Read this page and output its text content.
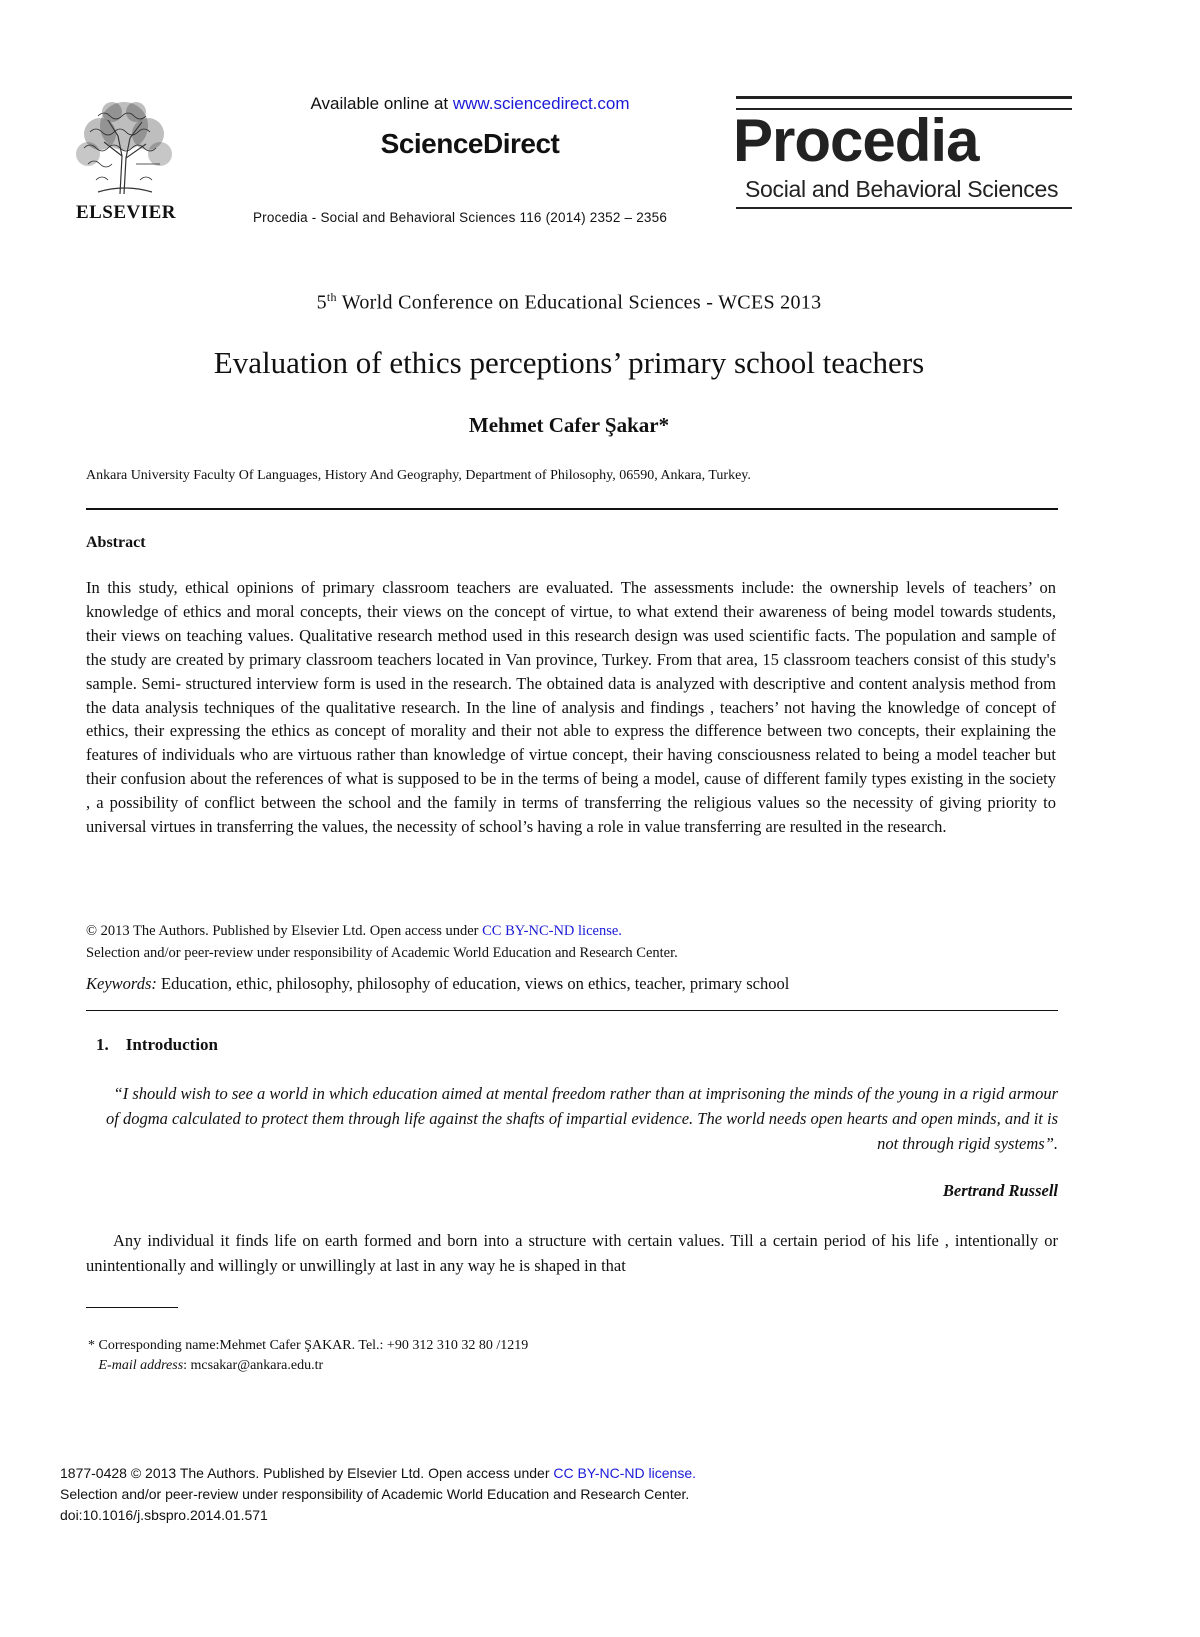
ELSEVIER
Available online at www.sciencedirect.com
ScienceDirect
Procedia - Social and Behavioral Sciences 116 (2014) 2352 – 2356
Procedia
Social and Behavioral Sciences
5th World Conference on Educational Sciences - WCES 2013
Evaluation of ethics perceptions’ primary school teachers
Mehmet Cafer Şakar*
Ankara University Faculty Of Languages, History And Geography, Department of Philosophy, 06590, Ankara, Turkey.
Abstract
In this study, ethical opinions of primary classroom teachers are evaluated. The assessments include: the ownership levels of teachers’ on knowledge of ethics and moral concepts, their views on the concept of virtue, to what extend their awareness of being model towards students, their views on teaching values. Qualitative research method used in this research design was used scientific facts. The population and sample of the study are created by primary classroom teachers located in Van province, Turkey. From that area, 15 classroom teachers consist of this study's sample. Semi- structured interview form is used in the research. The obtained data is analyzed with descriptive and content analysis method from the data analysis techniques of the qualitative research. In the line of analysis and findings , teachers’ not having the knowledge of concept of ethics, their expressing the ethics as concept of morality and their not able to express the difference between two concepts, their explaining the features of individuals who are virtuous rather than knowledge of virtue concept, their having consciousness related to being a model teacher but their confusion about the references of what is supposed to be in the terms of being a model, cause of different family types existing in the society , a possibility of conflict between the school and the family in terms of transferring the religious values so the necessity of giving priority to universal virtues in transferring the values, the necessity of school’s having a role in value transferring are resulted in the research.
© 2013 The Authors. Published by Elsevier Ltd. Open access under CC BY-NC-ND license.
Selection and/or peer-review under responsibility of Academic World Education and Research Center.
Keywords: Education, ethic, philosophy, philosophy of education, views on ethics, teacher, primary school
1.    Introduction
“I should wish to see a world in which education aimed at mental freedom rather than at imprisoning the minds of the young in a rigid armour of dogma calculated to protect them through life against the shafts of impartial evidence. The world needs open hearts and open minds, and it is not through rigid systems”.
Bertrand Russell
Any individual it finds life on earth formed and born into a structure with certain values. Till a certain period of his life , intentionally or unintentionally and willingly or unwillingly at last in any way he is shaped in that
* Corresponding name:Mehmet Cafer ŞAKAR. Tel.: +90 312 310 32 80 /1219
E-mail address: mcsakar@ankara.edu.tr
1877-0428 © 2013 The Authors. Published by Elsevier Ltd. Open access under CC BY-NC-ND license.
Selection and/or peer-review under responsibility of Academic World Education and Research Center.
doi:10.1016/j.sbspro.2014.01.571
